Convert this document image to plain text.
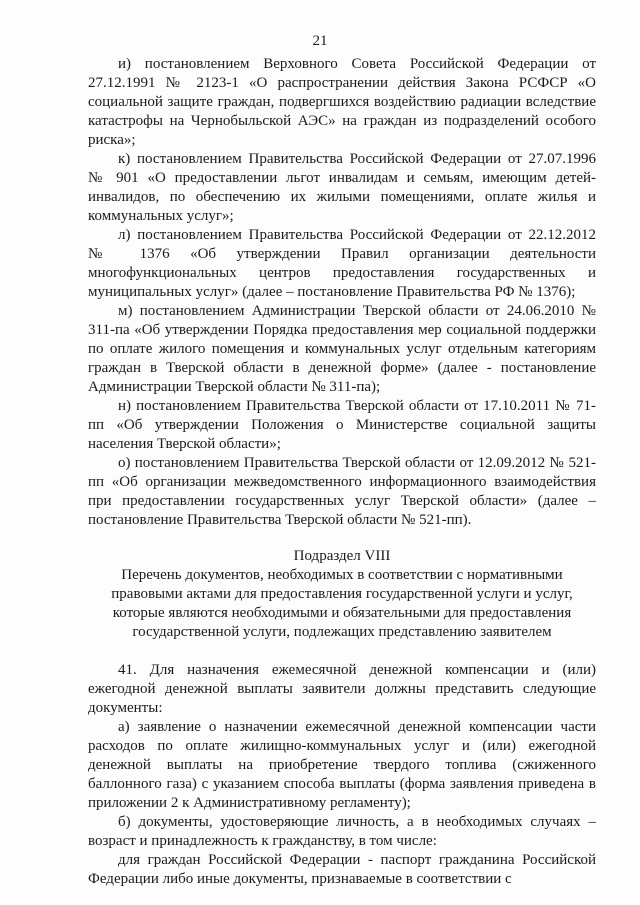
21

и) постановлением Верховного Совета Российской Федерации от 27.12.1991 № 2123-1 «О распространении действия Закона РСФСР «О социальной защите граждан, подвергшихся воздействию радиации вследствие катастрофы на Чернобыльской АЭС» на граждан из подразделений особого риска»;

к) постановлением Правительства Российской Федерации от 27.07.1996 № 901 «О предоставлении льгот инвалидам и семьям, имеющим детей-инвалидов, по обеспечению их жилыми помещениями, оплате жилья и коммунальных услуг»;

л) постановлением Правительства Российской Федерации от 22.12.2012 № 1376 «Об утверждении Правил организации деятельности многофункциональных центров предоставления государственных и муниципальных услуг» (далее – постановление Правительства РФ № 1376);

м) постановлением Администрации Тверской области от 24.06.2010 № 311-па «Об утверждении Порядка предоставления мер социальной поддержки по оплате жилого помещения и коммунальных услуг отдельным категориям граждан в Тверской области в денежной форме» (далее - постановление Администрации Тверской области № 311-па);

н) постановлением Правительства Тверской области от 17.10.2011 № 71-пп «Об утверждении Положения о Министерстве социальной защиты населения Тверской области»;

о) постановлением Правительства Тверской области от 12.09.2012 № 521-пп «Об организации межведомственного информационного взаимодействия при предоставлении государственных услуг Тверской области» (далее – постановление Правительства Тверской области № 521-пп).

Подраздел VIII

Перечень документов, необходимых в соответствии с нормативными правовыми актами для предоставления государственной услуги и услуг, которые являются необходимыми и обязательными для предоставления государственной услуги, подлежащих представлению заявителем

41. Для назначения ежемесячной денежной компенсации и (или) ежегодной денежной выплаты заявители должны представить следующие документы:

а) заявление о назначении ежемесячной денежной компенсации части расходов по оплате жилищно-коммунальных услуг и (или) ежегодной денежной выплаты на приобретение твердого топлива (сжиженного баллонного газа) с указанием способа выплаты (форма заявления приведена в приложении 2 к Административному регламенту);

б) документы, удостоверяющие личность, а в необходимых случаях – возраст и принадлежность к гражданству, в том числе:

для граждан Российской Федерации - паспорт гражданина Российской Федерации либо иные документы, признаваемые в соответствии с
